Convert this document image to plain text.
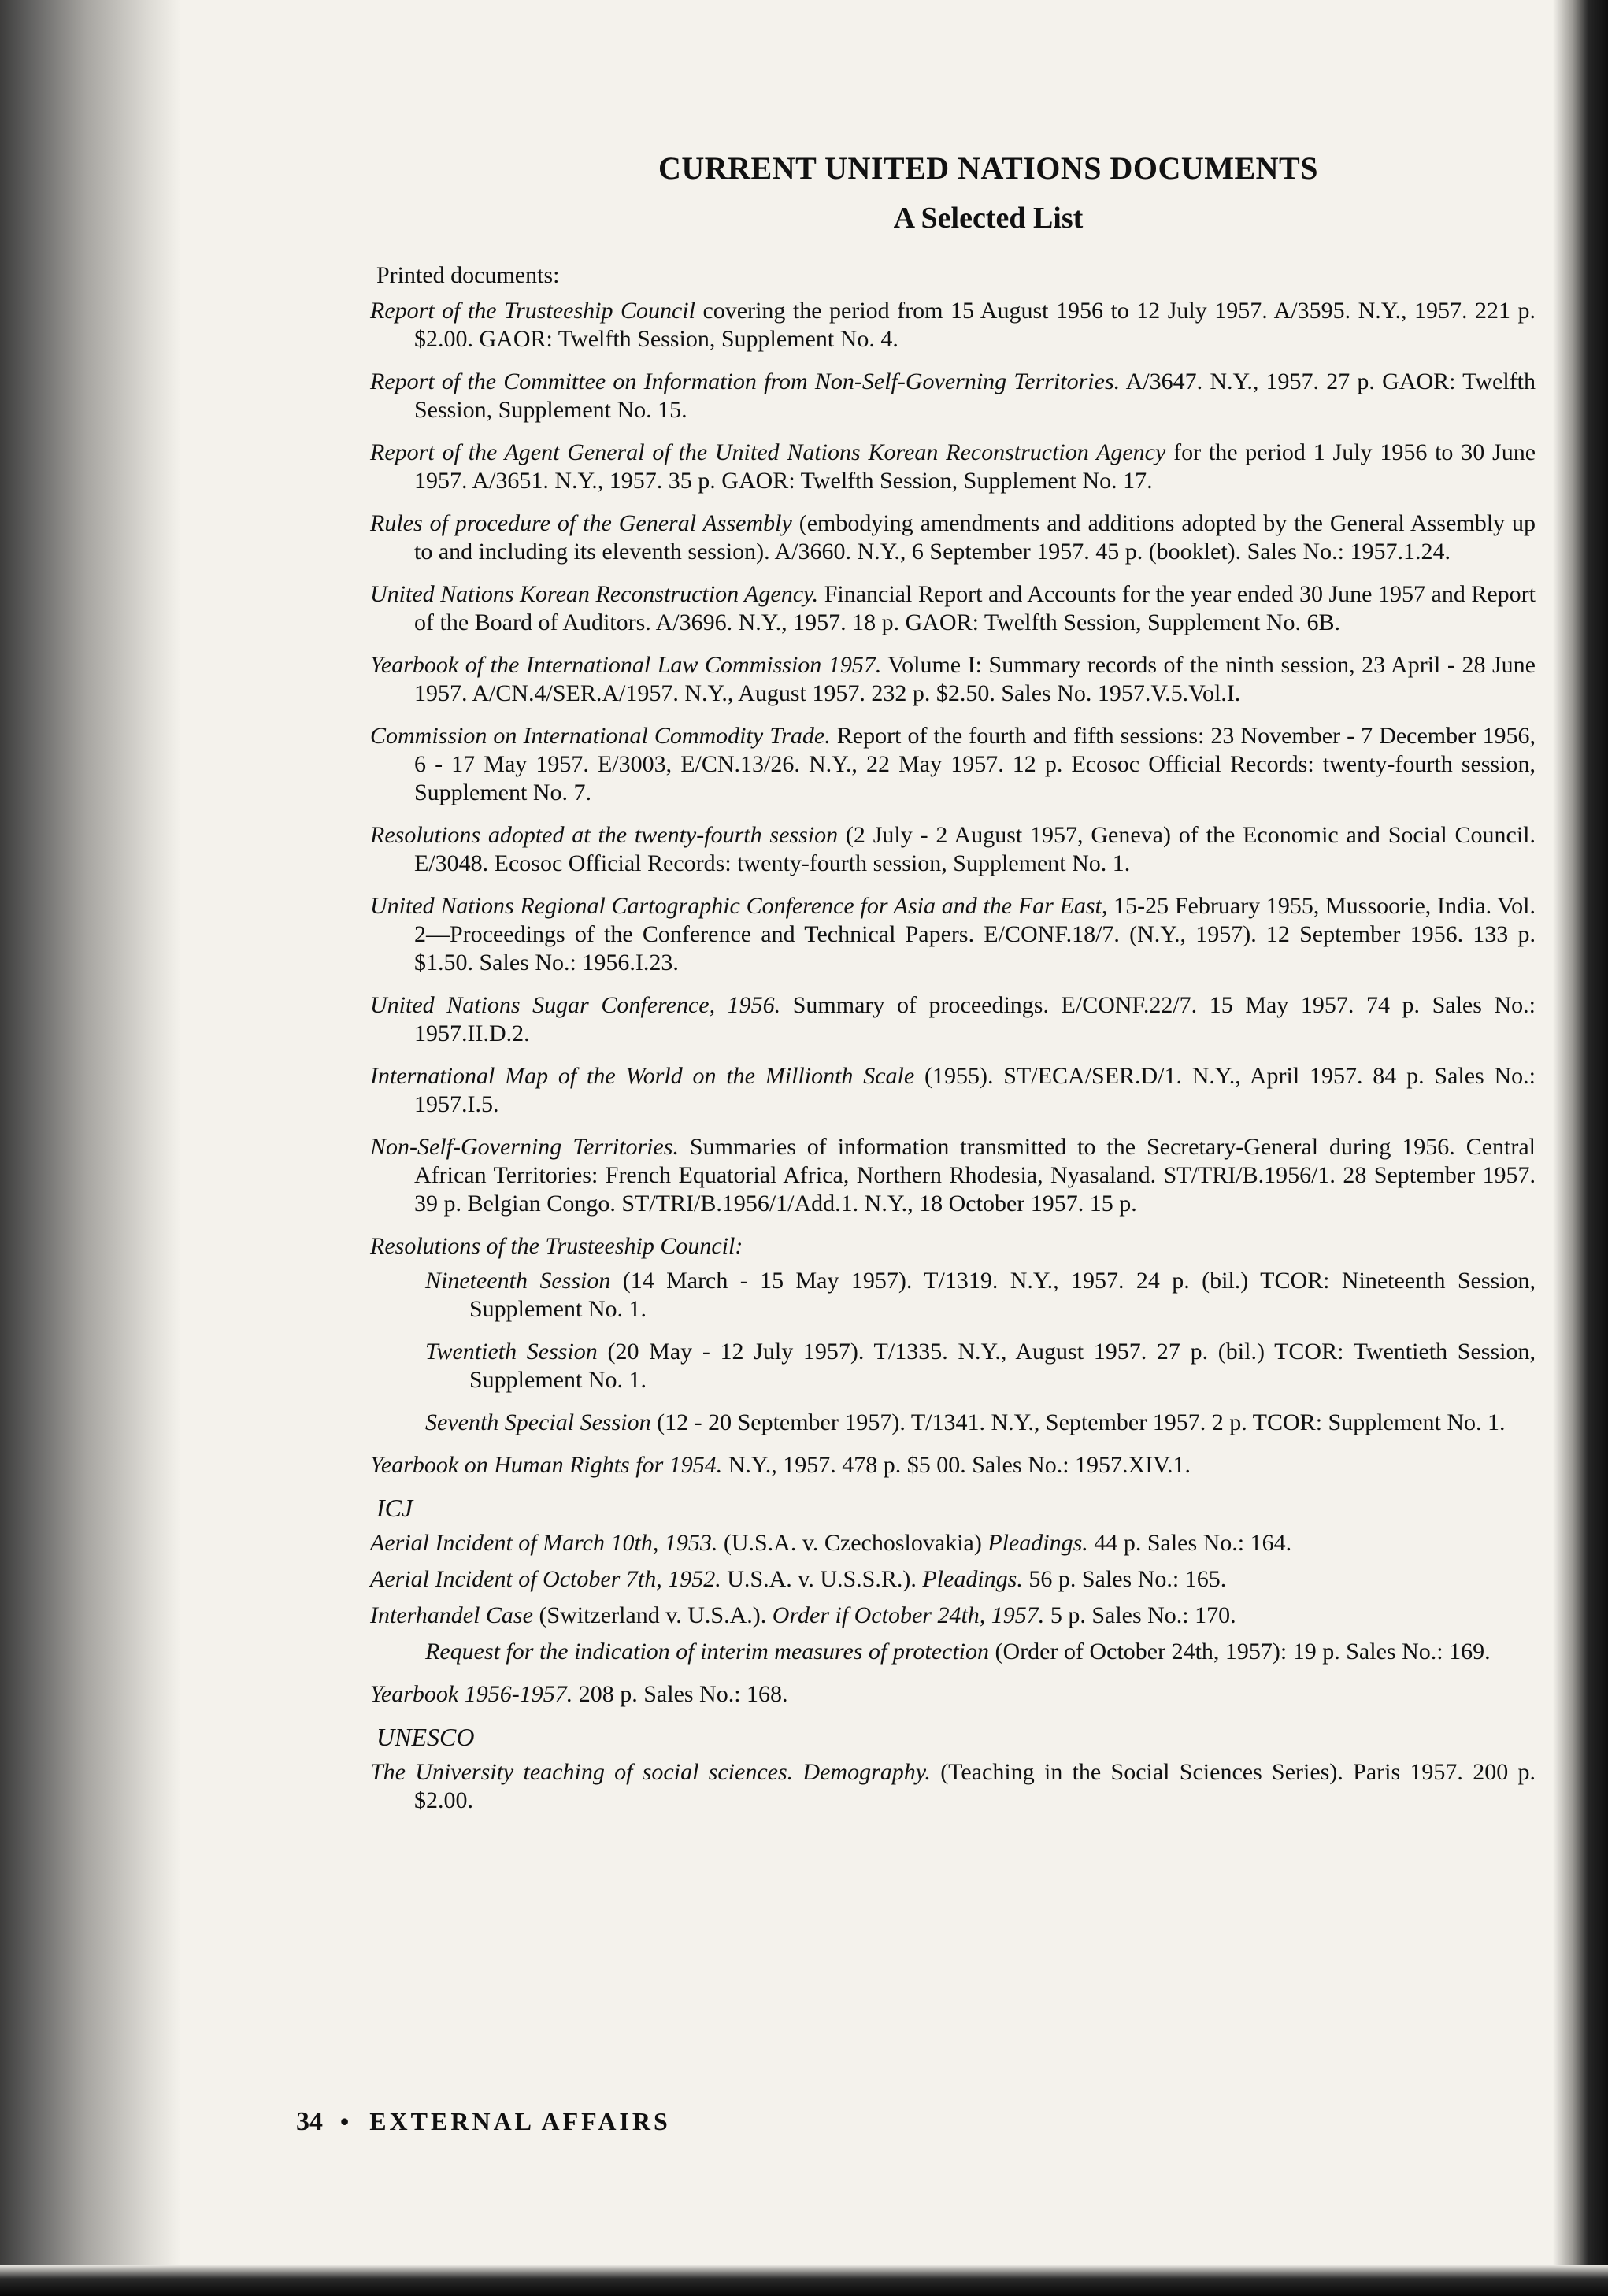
CURRENT UNITED NATIONS DOCUMENTS
A Selected List
Printed documents:
Report of the Trusteeship Council covering the period from 15 August 1956 to 12 July 1957. A/3595. N.Y., 1957. 221 p. $2.00. GAOR: Twelfth Session, Supplement No. 4.
Report of the Committee on Information from Non-Self-Governing Territories. A/3647. N.Y., 1957. 27 p. GAOR: Twelfth Session, Supplement No. 15.
Report of the Agent General of the United Nations Korean Reconstruction Agency for the period 1 July 1956 to 30 June 1957. A/3651. N.Y., 1957. 35 p. GAOR: Twelfth Session, Supplement No. 17.
Rules of procedure of the General Assembly (embodying amendments and additions adopted by the General Assembly up to and including its eleventh session). A/3660. N.Y., 6 September 1957. 45 p. (booklet). Sales No.: 1957.1.24.
United Nations Korean Reconstruction Agency. Financial Report and Accounts for the year ended 30 June 1957 and Report of the Board of Auditors. A/3696. N.Y., 1957. 18 p. GAOR: Twelfth Session, Supplement No. 6B.
Yearbook of the International Law Commission 1957. Volume I: Summary records of the ninth session, 23 April - 28 June 1957. A/CN.4/SER.A/1957. N.Y., August 1957. 232 p. $2.50. Sales No. 1957.V.5.Vol.I.
Commission on International Commodity Trade. Report of the fourth and fifth sessions: 23 November - 7 December 1956, 6 - 17 May 1957. E/3003, E/CN.13/26. N.Y., 22 May 1957. 12 p. Ecosoc Official Records: twenty-fourth session, Supplement No. 7.
Resolutions adopted at the twenty-fourth session (2 July - 2 August 1957, Geneva) of the Economic and Social Council. E/3048. Ecosoc Official Records: twenty-fourth session, Supplement No. 1.
United Nations Regional Cartographic Conference for Asia and the Far East, 15-25 February 1955, Mussoorie, India. Vol. 2—Proceedings of the Conference and Technical Papers. E/CONF.18/7. (N.Y., 1957). 12 September 1956. 133 p. $1.50. Sales No.: 1956.I.23.
United Nations Sugar Conference, 1956. Summary of proceedings. E/CONF.22/7. 15 May 1957. 74 p. Sales No.: 1957.II.D.2.
International Map of the World on the Millionth Scale (1955). ST/ECA/SER.D/1. N.Y., April 1957. 84 p. Sales No.: 1957.I.5.
Non-Self-Governing Territories. Summaries of information transmitted to the Secretary-General during 1956. Central African Territories: French Equatorial Africa, Northern Rhodesia, Nyasaland. ST/TRI/B.1956/1. 28 September 1957. 39 p. Belgian Congo. ST/TRI/B.1956/1/Add.1. N.Y., 18 October 1957. 15 p.
Resolutions of the Trusteeship Council:
Nineteenth Session (14 March - 15 May 1957). T/1319. N.Y., 1957. 24 p. (bil.) TCOR: Nineteenth Session, Supplement No. 1.
Twentieth Session (20 May - 12 July 1957). T/1335. N.Y., August 1957. 27 p. (bil.) TCOR: Twentieth Session, Supplement No. 1.
Seventh Special Session (12 - 20 September 1957). T/1341. N.Y., September 1957. 2 p. TCOR: Supplement No. 1.
Yearbook on Human Rights for 1954. N.Y., 1957. 478 p. $5 00. Sales No.: 1957.XIV.1.
ICJ
Aerial Incident of March 10th, 1953. (U.S.A. v. Czechoslovakia) Pleadings. 44 p. Sales No.: 164.
Aerial Incident of October 7th, 1952. U.S.A. v. U.S.S.R.). Pleadings. 56 p. Sales No.: 165.
Interhandel Case (Switzerland v. U.S.A.). Order if October 24th, 1957. 5 p. Sales No.: 170.
Request for the indication of interim measures of protection (Order of October 24th, 1957): 19 p. Sales No.: 169.
Yearbook 1956-1957. 208 p. Sales No.: 168.
UNESCO
The University teaching of social sciences. Demography. (Teaching in the Social Sciences Series). Paris 1957. 200 p. $2.00.
34 • EXTERNAL AFFAIRS
